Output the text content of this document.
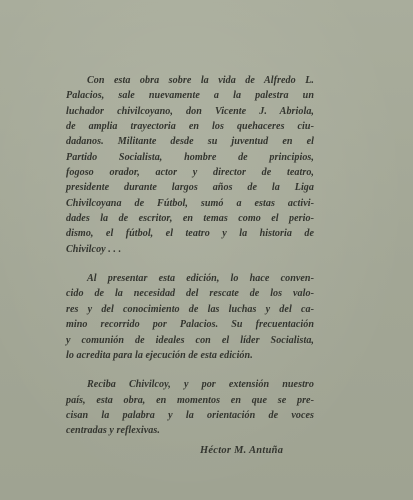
Con esta obra sobre la vida de Alfredo L.
Palacios, sale nuevamente a la palestra un
luchador chivilcoyano, don Vicente J. Abriola,
de amplia trayectoria en los quehaceres ciu-
dadanos. Militante desde su juventud en el
Partido Socialista, hombre de principios,
fogoso orador, actor y director de teatro,
presidente durante largos años de la Liga
Chivilcoyana de Fútbol, sumó a estas activi-
dades la de escritor, en temas como el perio-
dismo, el fútbol, el teatro y la historia de
Chivilcoy . . .

Al presentar esta edición, lo hace conven-
cido de la necesidad del rescate de los valo-
res y del conocimiento de las luchas y del ca-
mino recorrido por Palacios. Su frecuentación
y comunión de ideales con el líder Socialista,
lo acredita para la ejecución de esta edición.

Reciba Chivilcoy, y por extensión nuestro
país, esta obra, en momentos en que se pre-
cisan la palabra y la orientación de voces
centradas y reflexivas.

Héctor M. Antuña
